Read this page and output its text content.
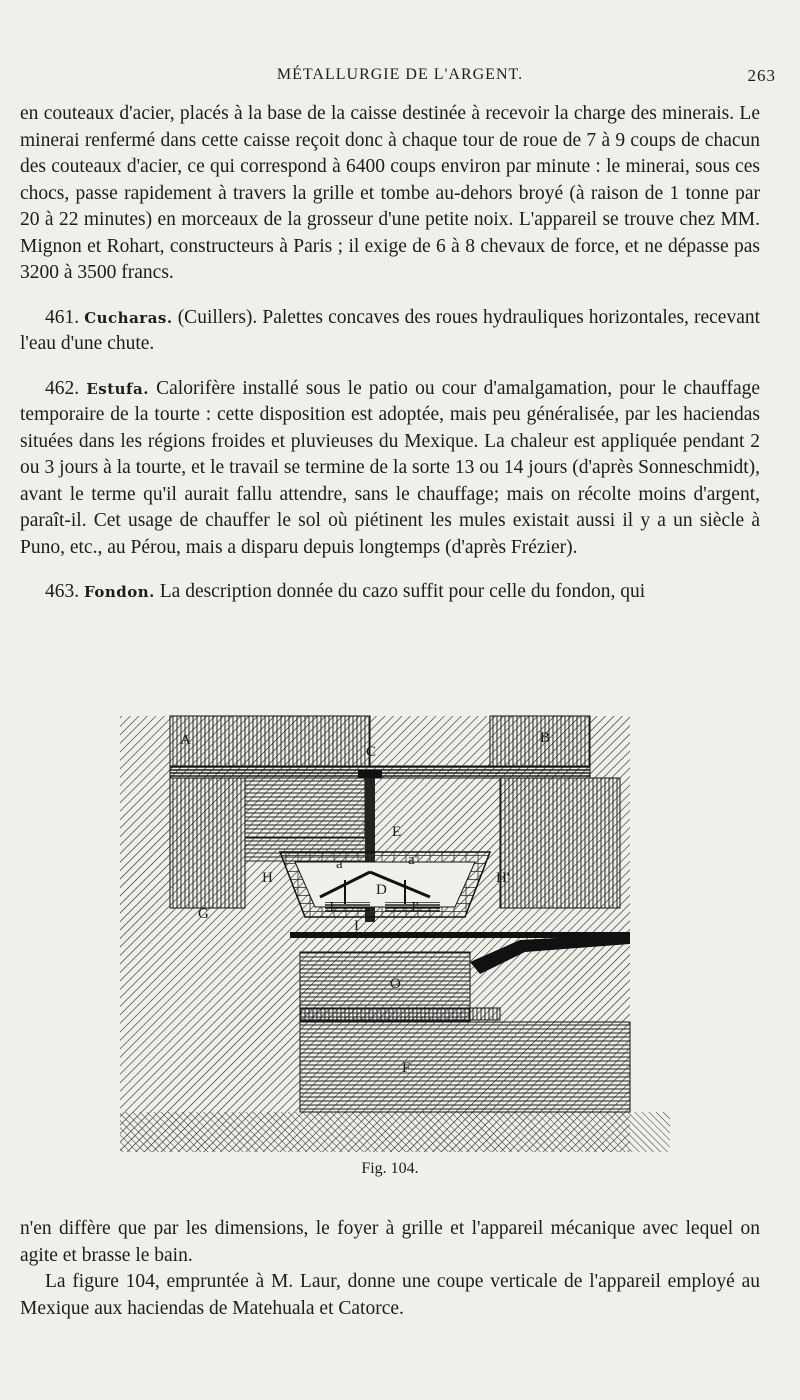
MÉTALLURGIE DE L'ARGENT.	263

en couteaux d'acier, placés à la base de la caisse destinée à recevoir la charge des minerais. Le minerai renfermé dans cette caisse reçoit donc à chaque tour de roue de 7 à 9 coups de chacun des couteaux d'acier, ce qui correspond à 6400 coups environ par minute : le minerai, sous ces chocs, passe rapidement à travers la grille et tombe au-dehors broyé (à raison de 1 tonne par 20 à 22 minutes) en morceaux de la grosseur d'une petite noix. L'appareil se trouve chez MM. Mignon et Rohart, constructeurs à Paris ; il exige de 6 à 8 chevaux de force, et ne dépasse pas 3200 à 3500 francs.

461. Cucharas. (Cuillers). Palettes concaves des roues hydrauliques horizontales, recevant l'eau d'une chute.

462. Estufa. Calorifère installé sous le patio ou cour d'amalgamation, pour le chauffage temporaire de la tourte : cette disposition est adoptée, mais peu généralisée, par les haciendas situées dans les régions froides et pluvieuses du Mexique. La chaleur est appliquée pendant 2 ou 3 jours à la tourte, et le travail se termine de la sorte 13 ou 14 jours (d'après Sonneschmidt), avant le terme qu'il aurait fallu attendre, sans le chauffage; mais on récolte moins d'argent, paraît-il. Cet usage de chauffer le sol où piétinent les mules existait aussi il y a un siècle à Puno, etc., au Pérou, mais a disparu depuis longtemps (d'après Frézier).

463. Fondon. La description donnée du cazo suffit pour celle du fondon, qui

A	B
C
E
H	H'
a	a'
D
J	J'
G
I
O
F
Fig. 104.

n'en diffère que par les dimensions, le foyer à grille et l'appareil mécanique avec lequel on agite et brasse le bain.

La figure 104, empruntée à M. Laur, donne une coupe verticale de l'appareil employé au Mexique aux haciendas de Matehuala et Catorce.
